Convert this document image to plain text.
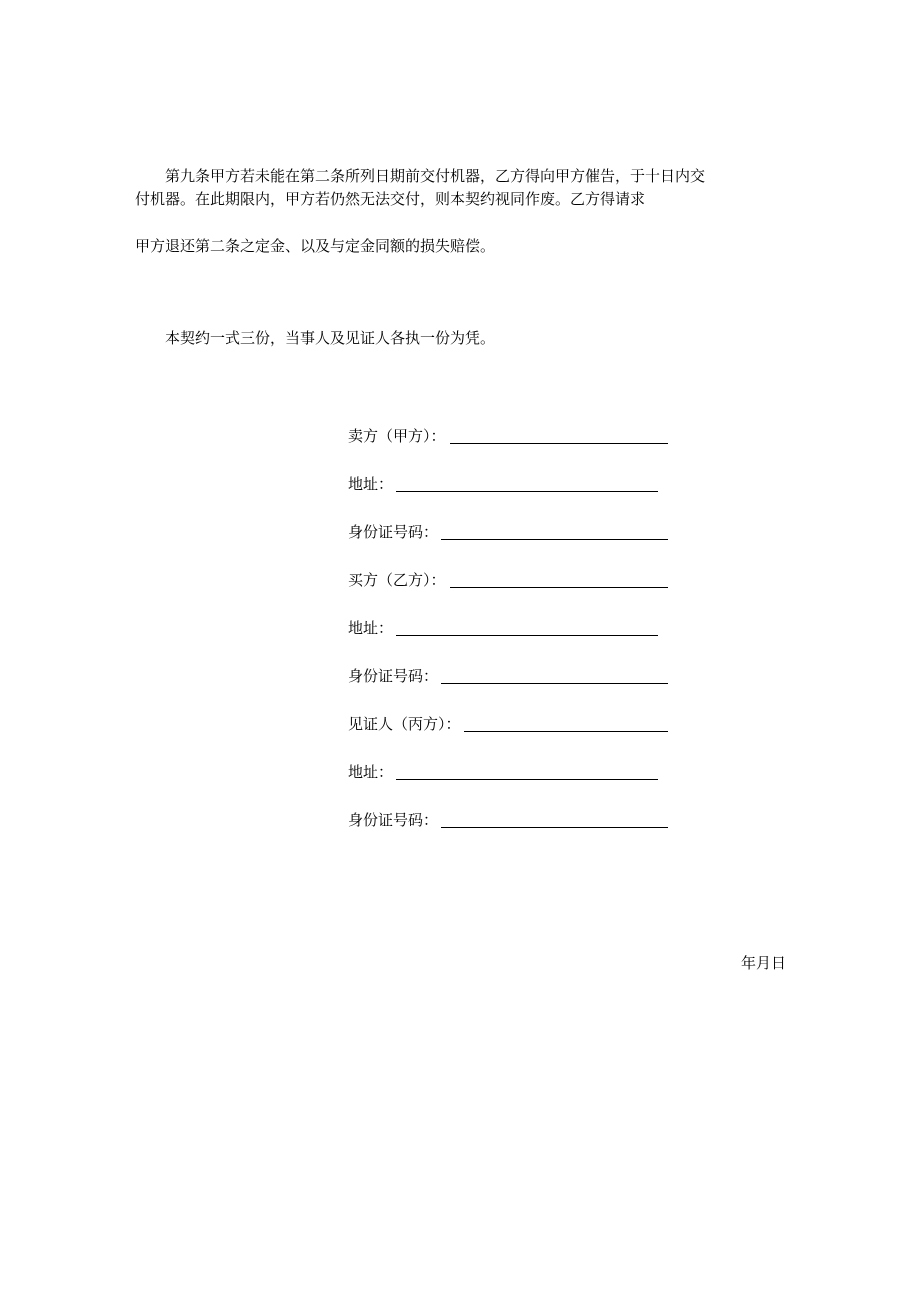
第九条甲方若未能在第二条所列日期前交付机器，乙方得向甲方催告，于十日内交
付机器。在此期限内，甲方若仍然无法交付，则本契约视同作废。乙方得请求
甲方退还第二条之定金、以及与定金同额的损失赔偿。
本契约一式三份，当事人及见证人各执一份为凭。
卖方（甲方）：
地址：
身份证号码：
买方（乙方）：
地址：
身份证号码：
见证人（丙方）：
地址：
身份证号码：
年月日
